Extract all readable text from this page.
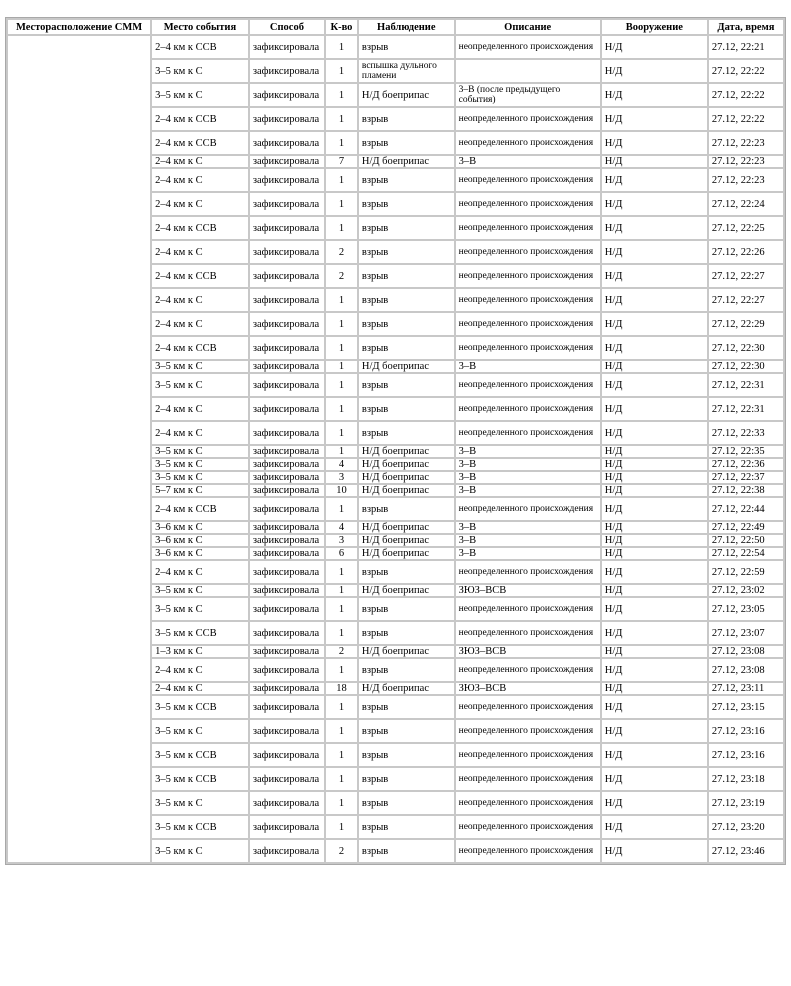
Месторасположение СММ	Место события	Способ	К-во	Наблюдение	Описание	Вооружение	Дата, время
	2–4 км к ССВ	зафиксировала	1	взрыв	неопределенного происхождения	Н/Д	27.12, 22:21
	3–5 км к С	зафиксировала	1	вспышка дульного пламени		Н/Д	27.12, 22:22
	3–5 км к С	зафиксировала	1	Н/Д боеприпас	3–В (после предыдущего события)	Н/Д	27.12, 22:22
	2–4 км к ССВ	зафиксировала	1	взрыв	неопределенного происхождения	Н/Д	27.12, 22:22
	2–4 км к ССВ	зафиксировала	1	взрыв	неопределенного происхождения	Н/Д	27.12, 22:23
	2–4 км к С	зафиксировала	7	Н/Д боеприпас	3–В	Н/Д	27.12, 22:23
	2–4 км к С	зафиксировала	1	взрыв	неопределенного происхождения	Н/Д	27.12, 22:23
	2–4 км к С	зафиксировала	1	взрыв	неопределенного происхождения	Н/Д	27.12, 22:24
	2–4 км к ССВ	зафиксировала	1	взрыв	неопределенного происхождения	Н/Д	27.12, 22:25
	2–4 км к С	зафиксировала	2	взрыв	неопределенного происхождения	Н/Д	27.12, 22:26
	2–4 км к ССВ	зафиксировала	2	взрыв	неопределенного происхождения	Н/Д	27.12, 22:27
	2–4 км к С	зафиксировала	1	взрыв	неопределенного происхождения	Н/Д	27.12, 22:27
	2–4 км к С	зафиксировала	1	взрыв	неопределенного происхождения	Н/Д	27.12, 22:29
	2–4 км к ССВ	зафиксировала	1	взрыв	неопределенного происхождения	Н/Д	27.12, 22:30
	3–5 км к С	зафиксировала	1	Н/Д боеприпас	3–В	Н/Д	27.12, 22:30
	3–5 км к С	зафиксировала	1	взрыв	неопределенного происхождения	Н/Д	27.12, 22:31
	2–4 км к С	зафиксировала	1	взрыв	неопределенного происхождения	Н/Д	27.12, 22:31
	2–4 км к С	зафиксировала	1	взрыв	неопределенного происхождения	Н/Д	27.12, 22:33
	3–5 км к С	зафиксировала	1	Н/Д боеприпас	3–В	Н/Д	27.12, 22:35
	3–5 км к С	зафиксировала	4	Н/Д боеприпас	3–В	Н/Д	27.12, 22:36
	3–5 км к С	зафиксировала	3	Н/Д боеприпас	3–В	Н/Д	27.12, 22:37
	5–7 км к С	зафиксировала	10	Н/Д боеприпас	3–В	Н/Д	27.12, 22:38
	2–4 км к ССВ	зафиксировала	1	взрыв	неопределенного происхождения	Н/Д	27.12, 22:44
	3–6 км к С	зафиксировала	4	Н/Д боеприпас	3–В	Н/Д	27.12, 22:49
	3–6 км к С	зафиксировала	3	Н/Д боеприпас	3–В	Н/Д	27.12, 22:50
	3–6 км к С	зафиксировала	6	Н/Д боеприпас	3–В	Н/Д	27.12, 22:54
	2–4 км к С	зафиксировала	1	взрыв	неопределенного происхождения	Н/Д	27.12, 22:59
	3–5 км к С	зафиксировала	1	Н/Д боеприпас	ЗЮЗ–ВСВ	Н/Д	27.12, 23:02
	3–5 км к С	зафиксировала	1	взрыв	неопределенного происхождения	Н/Д	27.12, 23:05
	3–5 км к ССВ	зафиксировала	1	взрыв	неопределенного происхождения	Н/Д	27.12, 23:07
	1–3 км к С	зафиксировала	2	Н/Д боеприпас	ЗЮЗ–ВСВ	Н/Д	27.12, 23:08
	2–4 км к С	зафиксировала	1	взрыв	неопределенного происхождения	Н/Д	27.12, 23:08
	2–4 км к С	зафиксировала	18	Н/Д боеприпас	ЗЮЗ–ВСВ	Н/Д	27.12, 23:11
	3–5 км к ССВ	зафиксировала	1	взрыв	неопределенного происхождения	Н/Д	27.12, 23:15
	3–5 км к С	зафиксировала	1	взрыв	неопределенного происхождения	Н/Д	27.12, 23:16
	3–5 км к ССВ	зафиксировала	1	взрыв	неопределенного происхождения	Н/Д	27.12, 23:16
	3–5 км к ССВ	зафиксировала	1	взрыв	неопределенного происхождения	Н/Д	27.12, 23:18
	3–5 км к С	зафиксировала	1	взрыв	неопределенного происхождения	Н/Д	27.12, 23:19
	3–5 км к ССВ	зафиксировала	1	взрыв	неопределенного происхождения	Н/Д	27.12, 23:20
	3–5 км к С	зафиксировала	2	взрыв	неопределенного происхождения	Н/Д	27.12, 23:46
